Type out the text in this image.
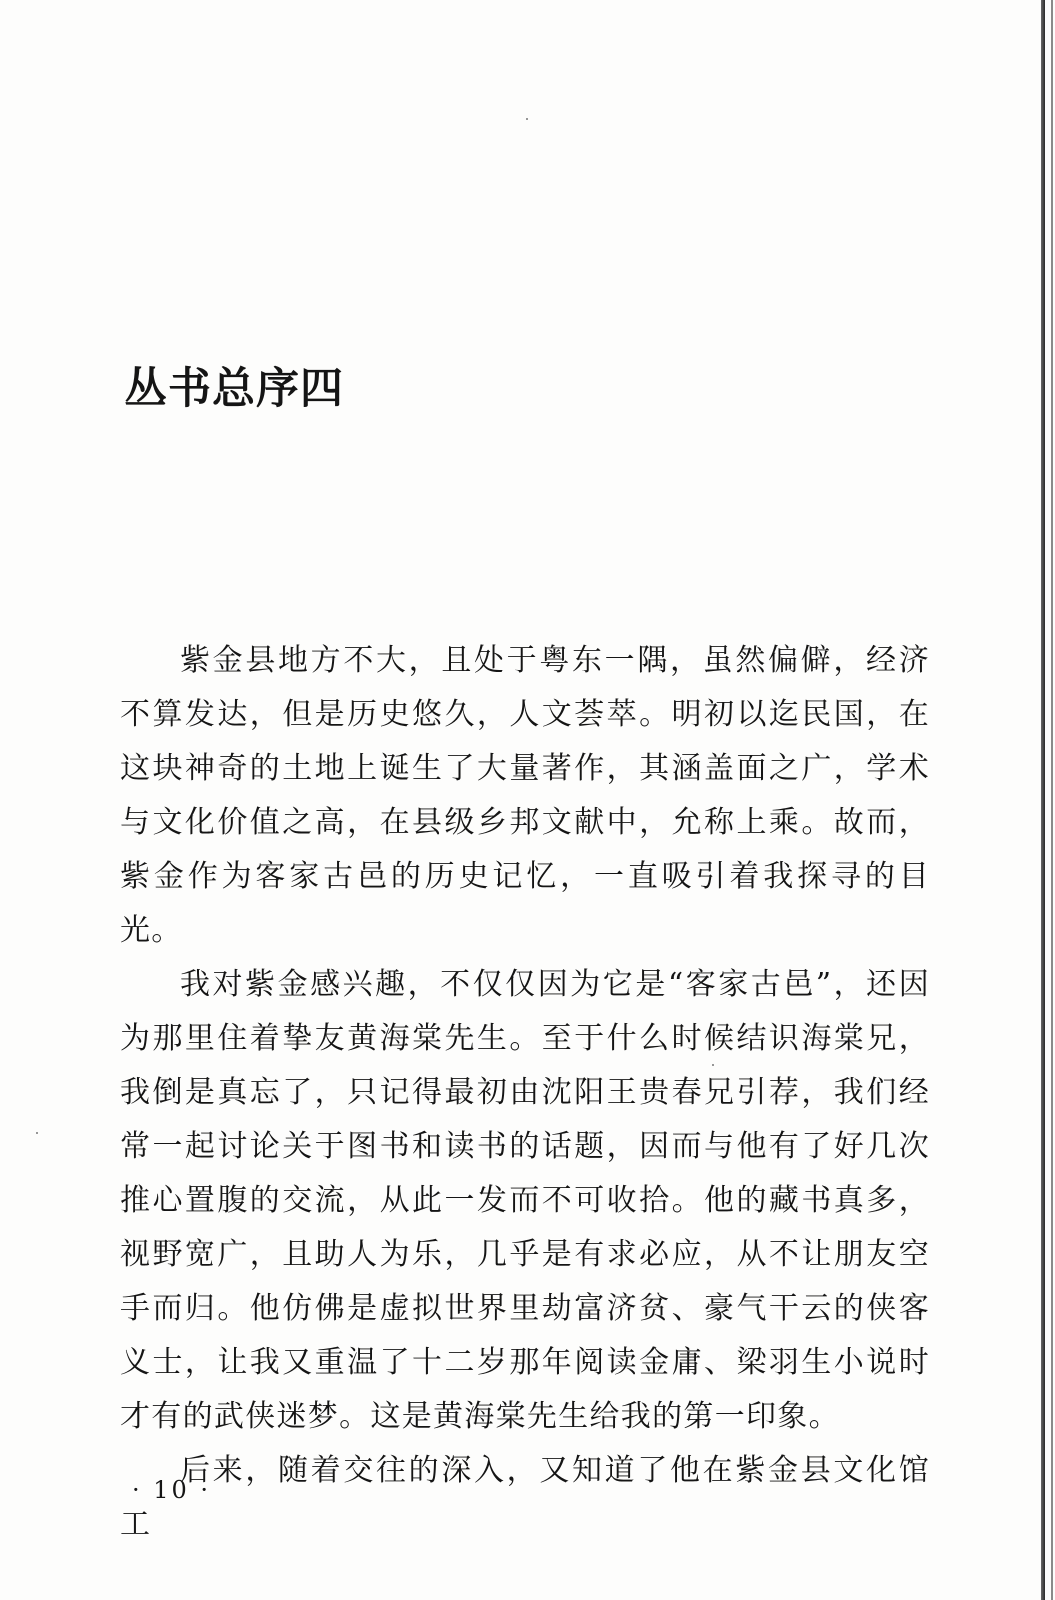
丛书总序四

紫金县地方不大，且处于粤东一隅，虽然偏僻，经济不算发达，但是历史悠久，人文荟萃。明初以迄民国，在这块神奇的土地上诞生了大量著作，其涵盖面之广，学术与文化价值之高，在县级乡邦文献中，允称上乘。故而，紫金作为客家古邑的历史记忆，一直吸引着我探寻的目光。

我对紫金感兴趣，不仅仅因为它是“客家古邑”，还因为那里住着挚友黄海棠先生。至于什么时候结识海棠兄，我倒是真忘了，只记得最初由沈阳王贵春兄引荐，我们经常一起讨论关于图书和读书的话题，因而与他有了好几次推心置腹的交流，从此一发而不可收拾。他的藏书真多，视野宽广，且助人为乐，几乎是有求必应，从不让朋友空手而归。他仿佛是虚拟世界里劫富济贫、豪气干云的侠客义士，让我又重温了十二岁那年阅读金庸、梁羽生小说时才有的武侠迷梦。这是黄海棠先生给我的第一印象。

后来，随着交往的深入，又知道了他在紫金县文化馆工

· 10 ·
